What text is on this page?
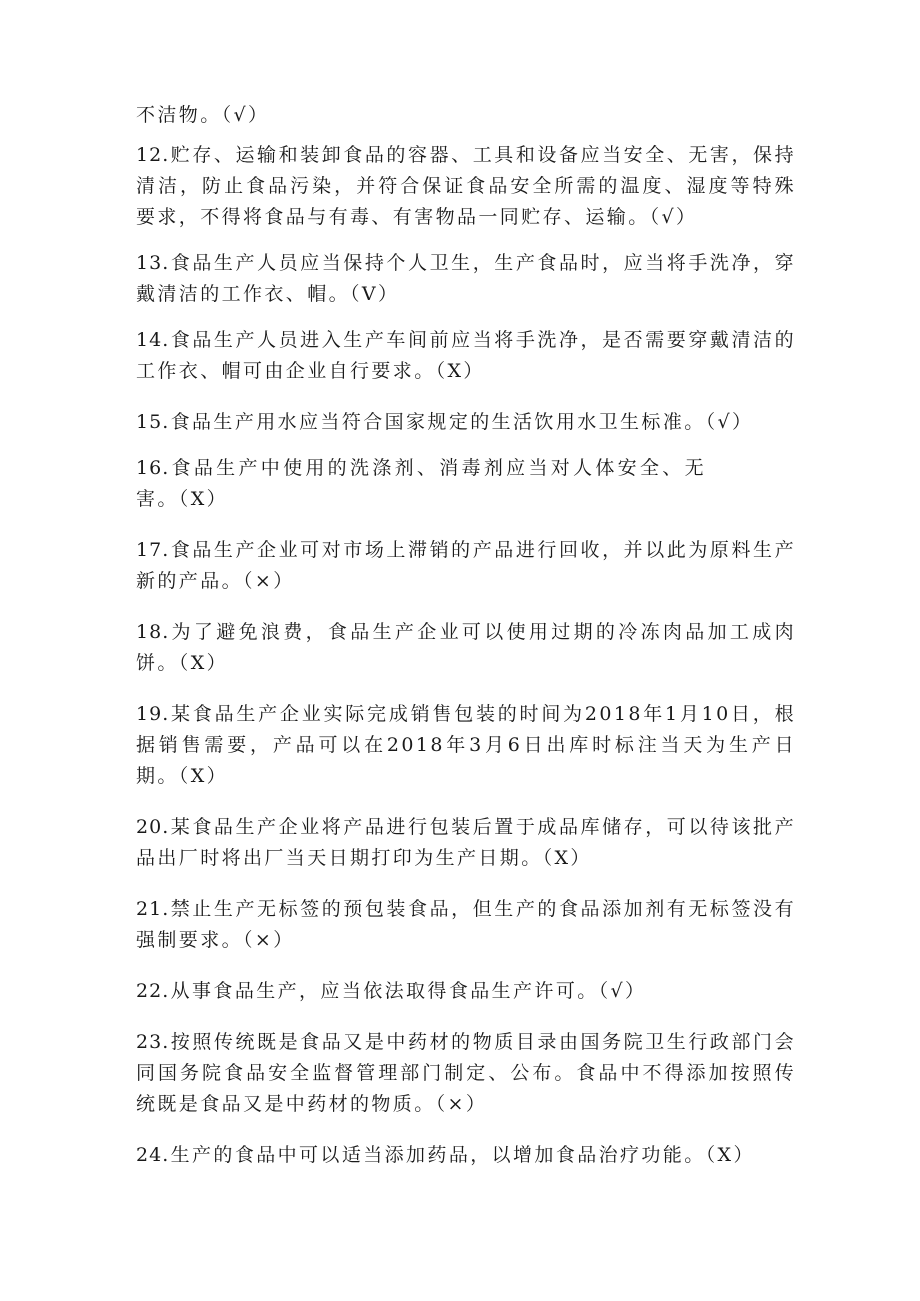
不洁物。（√）

12.贮存、运输和装卸食品的容器、工具和设备应当安全、无害，保持清洁，防止食品污染，并符合保证食品安全所需的温度、湿度等特殊要求，不得将食品与有毒、有害物品一同贮存、运输。（√）

13.食品生产人员应当保持个人卫生，生产食品时，应当将手洗净，穿戴清洁的工作衣、帽。（V）

14.食品生产人员进入生产车间前应当将手洗净，是否需要穿戴清洁的工作衣、帽可由企业自行要求。（X）

15.食品生产用水应当符合国家规定的生活饮用水卫生标准。（√）

16.食品生产中使用的洗涤剂、消毒剂应当对人体安全、无害。（X）

17.食品生产企业可对市场上滞销的产品进行回收，并以此为原料生产新的产品。（×）

18.为了避免浪费，食品生产企业可以使用过期的冷冻肉品加工成肉饼。（X）

19.某食品生产企业实际完成销售包装的时间为2018年1月10日，根据销售需要，产品可以在2018年3月6日出库时标注当天为生产日期。（X）

20.某食品生产企业将产品进行包装后置于成品库储存，可以待该批产品出厂时将出厂当天日期打印为生产日期。（X）

21.禁止生产无标签的预包装食品，但生产的食品添加剂有无标签没有强制要求。（×）

22.从事食品生产，应当依法取得食品生产许可。（√）

23.按照传统既是食品又是中药材的物质目录由国务院卫生行政部门会同国务院食品安全监督管理部门制定、公布。食品中不得添加按照传统既是食品又是中药材的物质。（×）

24.生产的食品中可以适当添加药品，以增加食品治疗功能。（X）
